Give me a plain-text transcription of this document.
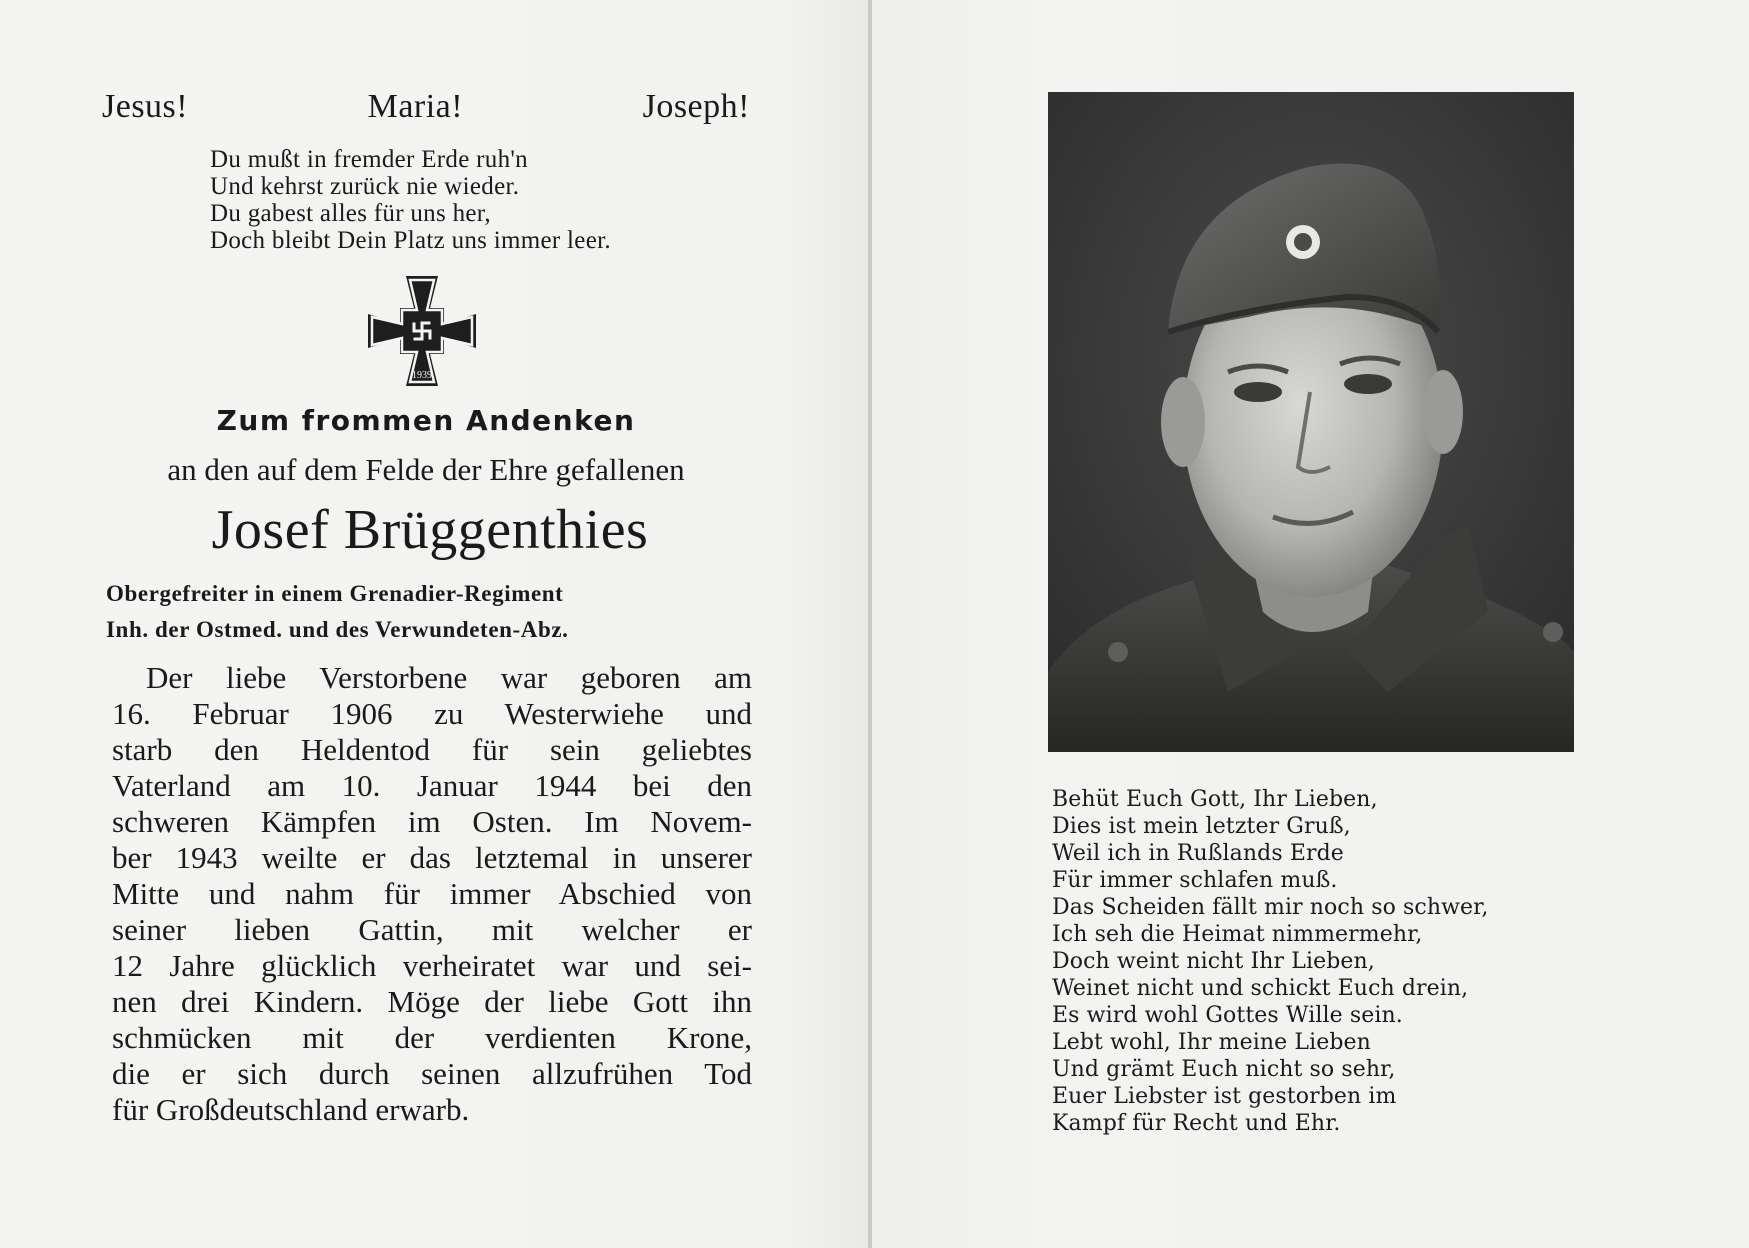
Jesus!	Maria!	Joseph!
Du mußt in fremder Erde ruh'n
Und kehrst zurück nie wieder.
Du gabest alles für uns her,
Doch bleibt Dein Platz uns immer leer.
1939
Zum frommen Andenken
an den auf dem Felde der Ehre gefallenen
Josef Brüggenthies
Obergefreiter in einem Grenadier-Regiment
Inh. der Ostmed. und des Verwundeten-Abz.
Der liebe Verstorbene war geboren am
16. Februar 1906 zu Westerwiehe und
starb den Heldentod für sein geliebtes
Vaterland am 10. Januar 1944 bei den
schweren Kämpfen im Osten. Im Novem-
ber 1943 weilte er das letztemal in unserer
Mitte und nahm für immer Abschied von
seiner lieben Gattin, mit welcher er
12 Jahre glücklich verheiratet war und sei-
nen drei Kindern. Möge der liebe Gott ihn
schmücken mit der verdienten Krone,
die er sich durch seinen allzufrühen Tod
für Großdeutschland erwarb.
Behüt Euch Gott, Ihr Lieben,
Dies ist mein letzter Gruß,
Weil ich in Rußlands Erde
Für immer schlafen muß.
Das Scheiden fällt mir noch so schwer,
Ich seh die Heimat nimmermehr,
Doch weint nicht Ihr Lieben,
Weinet nicht und schickt Euch drein,
Es wird wohl Gottes Wille sein.
Lebt wohl, Ihr meine Lieben
Und grämt Euch nicht so sehr,
Euer Liebster ist gestorben im
Kampf für Recht und Ehr.
